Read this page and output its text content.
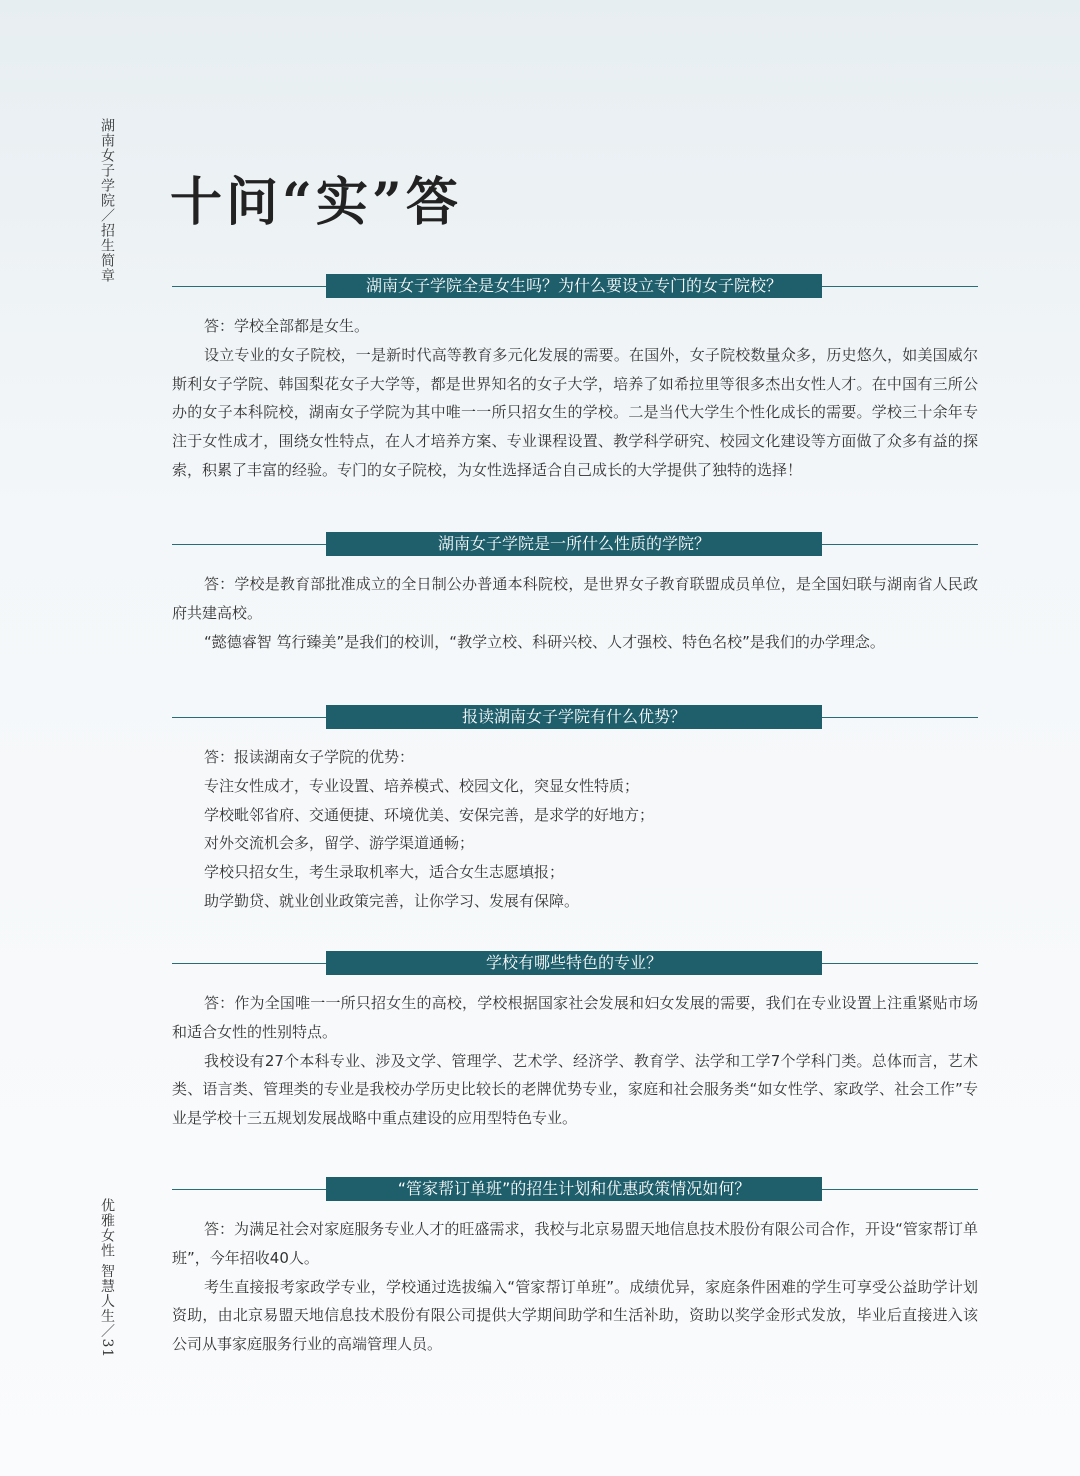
湖南女子学院／招生简章
优雅女性 智慧人生／31
十问“实”答
湖南女子学院全是女生吗？为什么要设立专门的女子院校？

答：学校全部都是女生。

设立专业的女子院校，一是新时代高等教育多元化发展的需要。在国外，女子院校数量众多，历史悠久，如美国威尔斯利女子学院、韩国梨花女子大学等，都是世界知名的女子大学，培养了如希拉里等很多杰出女性人才。在中国有三所公办的女子本科院校，湖南女子学院为其中唯一一所只招女生的学校。二是当代大学生个性化成长的需要。学校三十余年专注于女性成才，围绕女性特点，在人才培养方案、专业课程设置、教学科学研究、校园文化建设等方面做了众多有益的探索，积累了丰富的经验。专门的女子院校，为女性选择适合自己成长的大学提供了独特的选择！

湖南女子学院是一所什么性质的学院？

答：学校是教育部批准成立的全日制公办普通本科院校，是世界女子教育联盟成员单位，是全国妇联与湖南省人民政府共建高校。

“懿德睿智 笃行臻美”是我们的校训，“教学立校、科研兴校、人才强校、特色名校”是我们的办学理念。

报读湖南女子学院有什么优势？
答：报读湖南女子学院的优势：
专注女性成才，专业设置、培养模式、校园文化，突显女性特质；
学校毗邻省府、交通便捷、环境优美、安保完善，是求学的好地方；
对外交流机会多，留学、游学渠道通畅；
学校只招女生，考生录取机率大，适合女生志愿填报；
助学勤贷、就业创业政策完善，让你学习、发展有保障。
学校有哪些特色的专业？

答：作为全国唯一一所只招女生的高校，学校根据国家社会发展和妇女发展的需要，我们在专业设置上注重紧贴市场和适合女性的性别特点。

我校设有27个本科专业、涉及文学、管理学、艺术学、经济学、教育学、法学和工学7个学科门类。总体而言，艺术类、语言类、管理类的专业是我校办学历史比较长的老牌优势专业，家庭和社会服务类“如女性学、家政学、社会工作”专业是学校十三五规划发展战略中重点建设的应用型特色专业。

“管家帮订单班”的招生计划和优惠政策情况如何？

答：为满足社会对家庭服务专业人才的旺盛需求，我校与北京易盟天地信息技术股份有限公司合作，开设“管家帮订单班”，今年招收40人。

考生直接报考家政学专业，学校通过选拔编入“管家帮订单班”。成绩优异，家庭条件困难的学生可享受公益助学计划资助，由北京易盟天地信息技术股份有限公司提供大学期间助学和生活补助，资助以奖学金形式发放，毕业后直接进入该公司从事家庭服务行业的高端管理人员。
